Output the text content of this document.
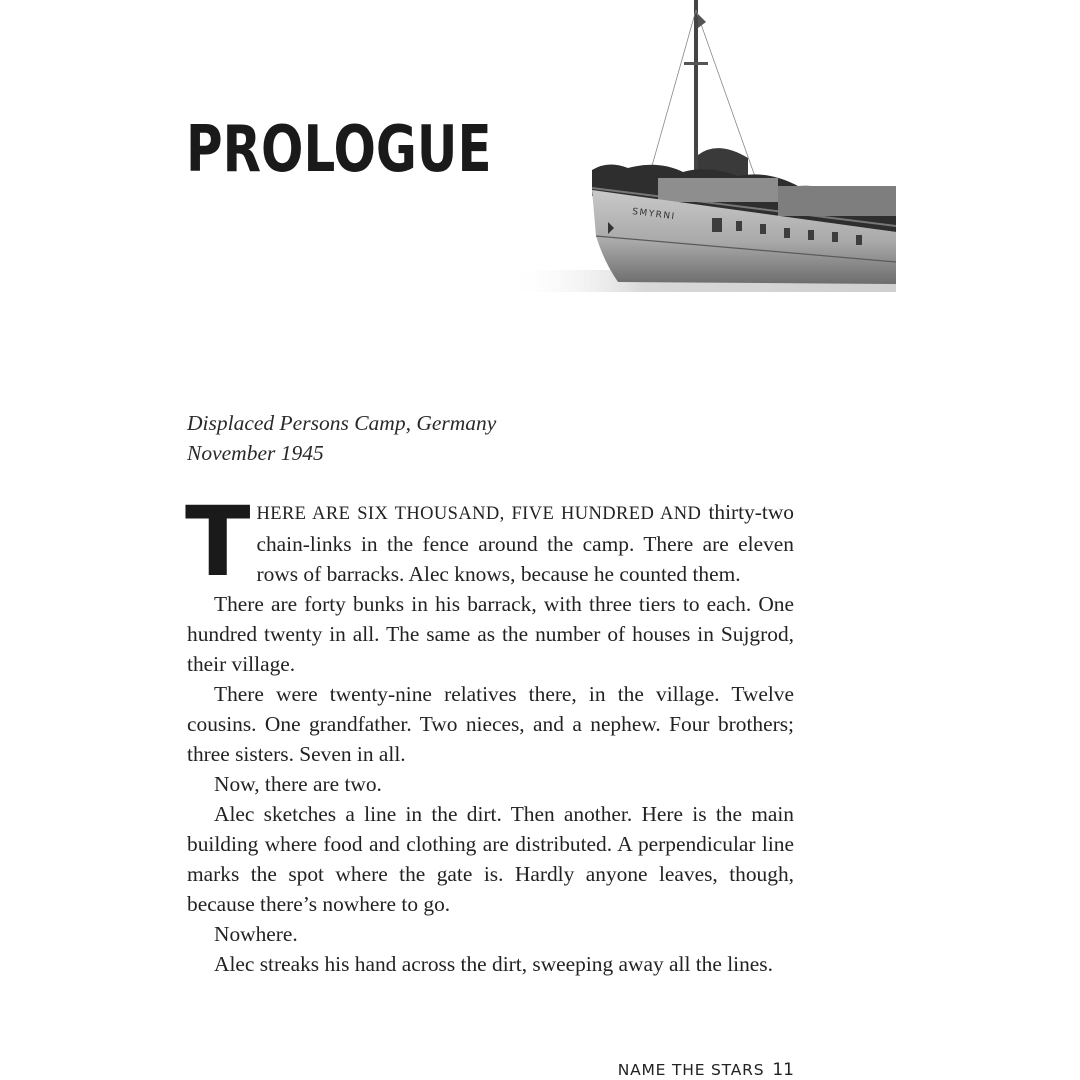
PROLOGUE
SMYRNI
Displaced Persons Camp, Germany
November 1945

THERE ARE SIX THOUSAND, FIVE HUNDRED AND thirty-two chain-links in the fence around the camp. There are eleven rows of barracks. Alec knows, because he counted them.

There are forty bunks in his barrack, with three tiers to each. One hundred twenty in all. The same as the number of houses in Sujgrod, their village.

There were twenty-nine relatives there, in the village. Twelve cousins. One grandfather. Two nieces, and a nephew. Four brothers; three sisters. Seven in all.

Now, there are two.

Alec sketches a line in the dirt. Then another. Here is the main building where food and clothing are distributed. A perpendicular line marks the spot where the gate is. Hardly anyone leaves, though, because there’s nowhere to go.

Nowhere.

Alec streaks his hand across the dirt, sweeping away all the lines.

NAME THE STARS 11
